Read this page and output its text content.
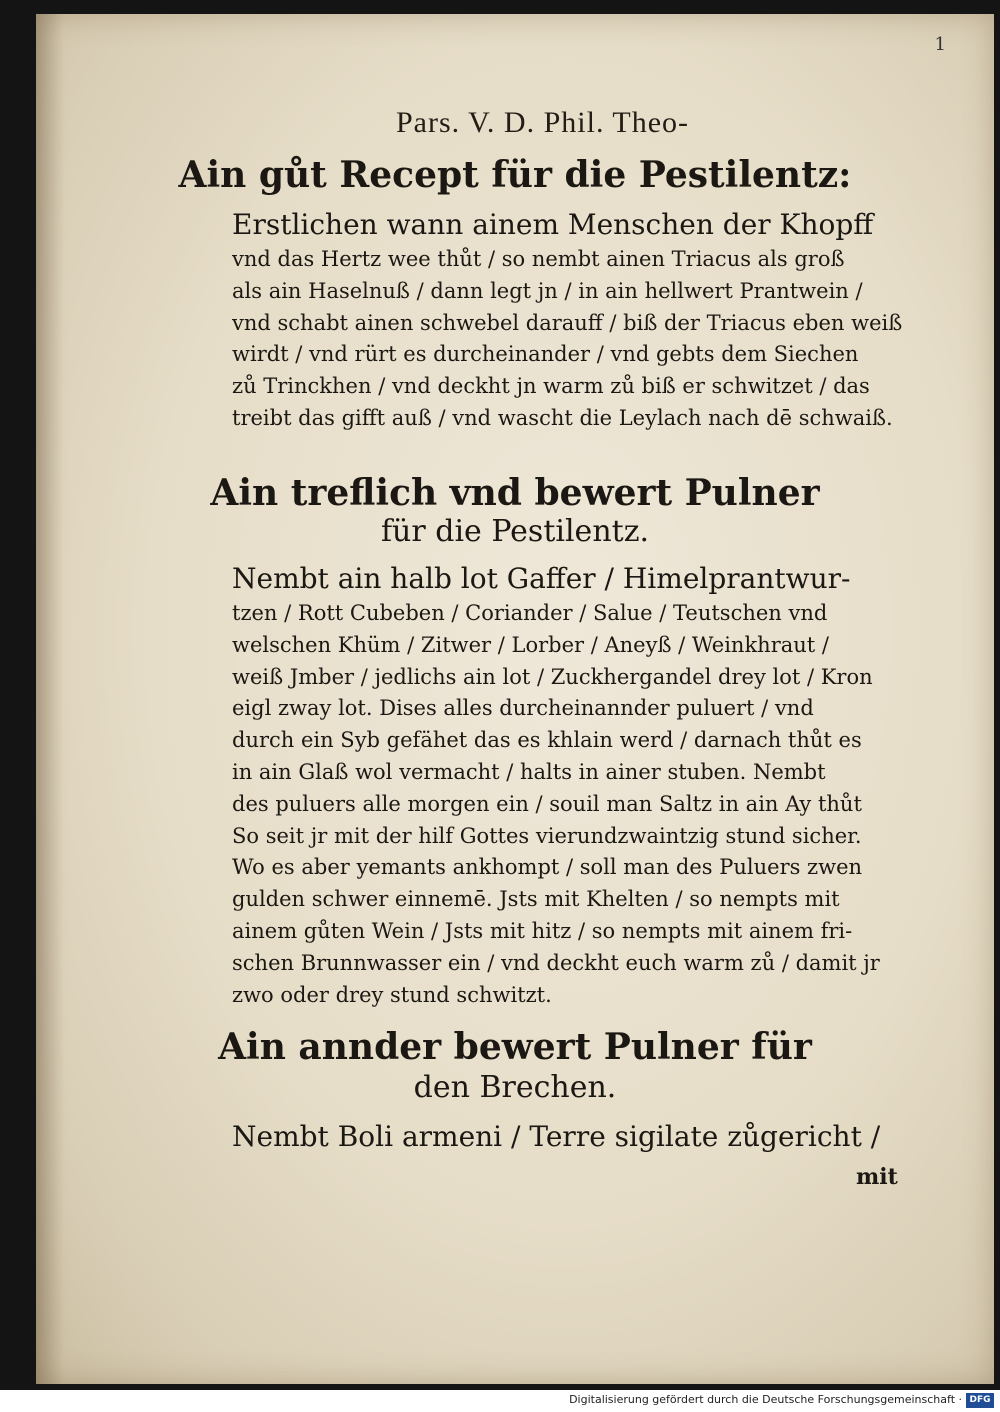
1
Pars. V. D. Phil. Theo-
Ain gůt Recept für die Pestilentz:
Erstlichen wann ainem Menschen der Khopff
vnd das Hertz wee thůt / so nembt ainen Triacus als groß
als ain Haselnuß / dann legt jn / in ain hellwert Prantwein /
vnd schabt ainen schwebel darauff / biß der Triacus eben weiß
wirdt / vnd rürt es durcheinander / vnd gebts dem Siechen
zů Trinckhen / vnd deckht jn warm zů biß er schwitzet / das
treibt das gifft auß / vnd wascht die Leylach nach dē schwaiß.
Ain treflich vnd bewert Pulner
für die Pestilentz.
Nembt ain halb lot Gaffer / Himelprantwur-
tzen / Rott Cubeben / Coriander / Salue / Teutschen vnd
welschen Khüm / Zitwer / Lorber / Aneyß / Weinkhraut /
weiß Jmber / jedlichs ain lot / Zuckhergandel drey lot / Kron
eigl zway lot. Dises alles durcheinannder puluert / vnd
durch ein Syb gefähet das es khlain werd / darnach thůt es
in ain Glaß wol vermacht / halts in ainer stuben. Nembt
des puluers alle morgen ein / souil man Saltz in ain Ay thůt
So seit jr mit der hilf Gottes vierundzwaintzig stund sicher.
Wo es aber yemants ankhompt / soll man des Puluers zwen
gulden schwer einnemē. Jsts mit Khelten / so nempts mit
ainem gůten Wein / Jsts mit hitz / so nempts mit ainem fri-
schen Brunnwasser ein / vnd deckht euch warm zů / damit jr
zwo oder drey stund schwitzt.
Ain annder bewert Pulner für
den Brechen.
Nembt Boli armeni / Terre sigilate zůgericht /
mit
Digitalisierung gefördert durch die Deutsche Forschungsgemeinschaft · DFG
